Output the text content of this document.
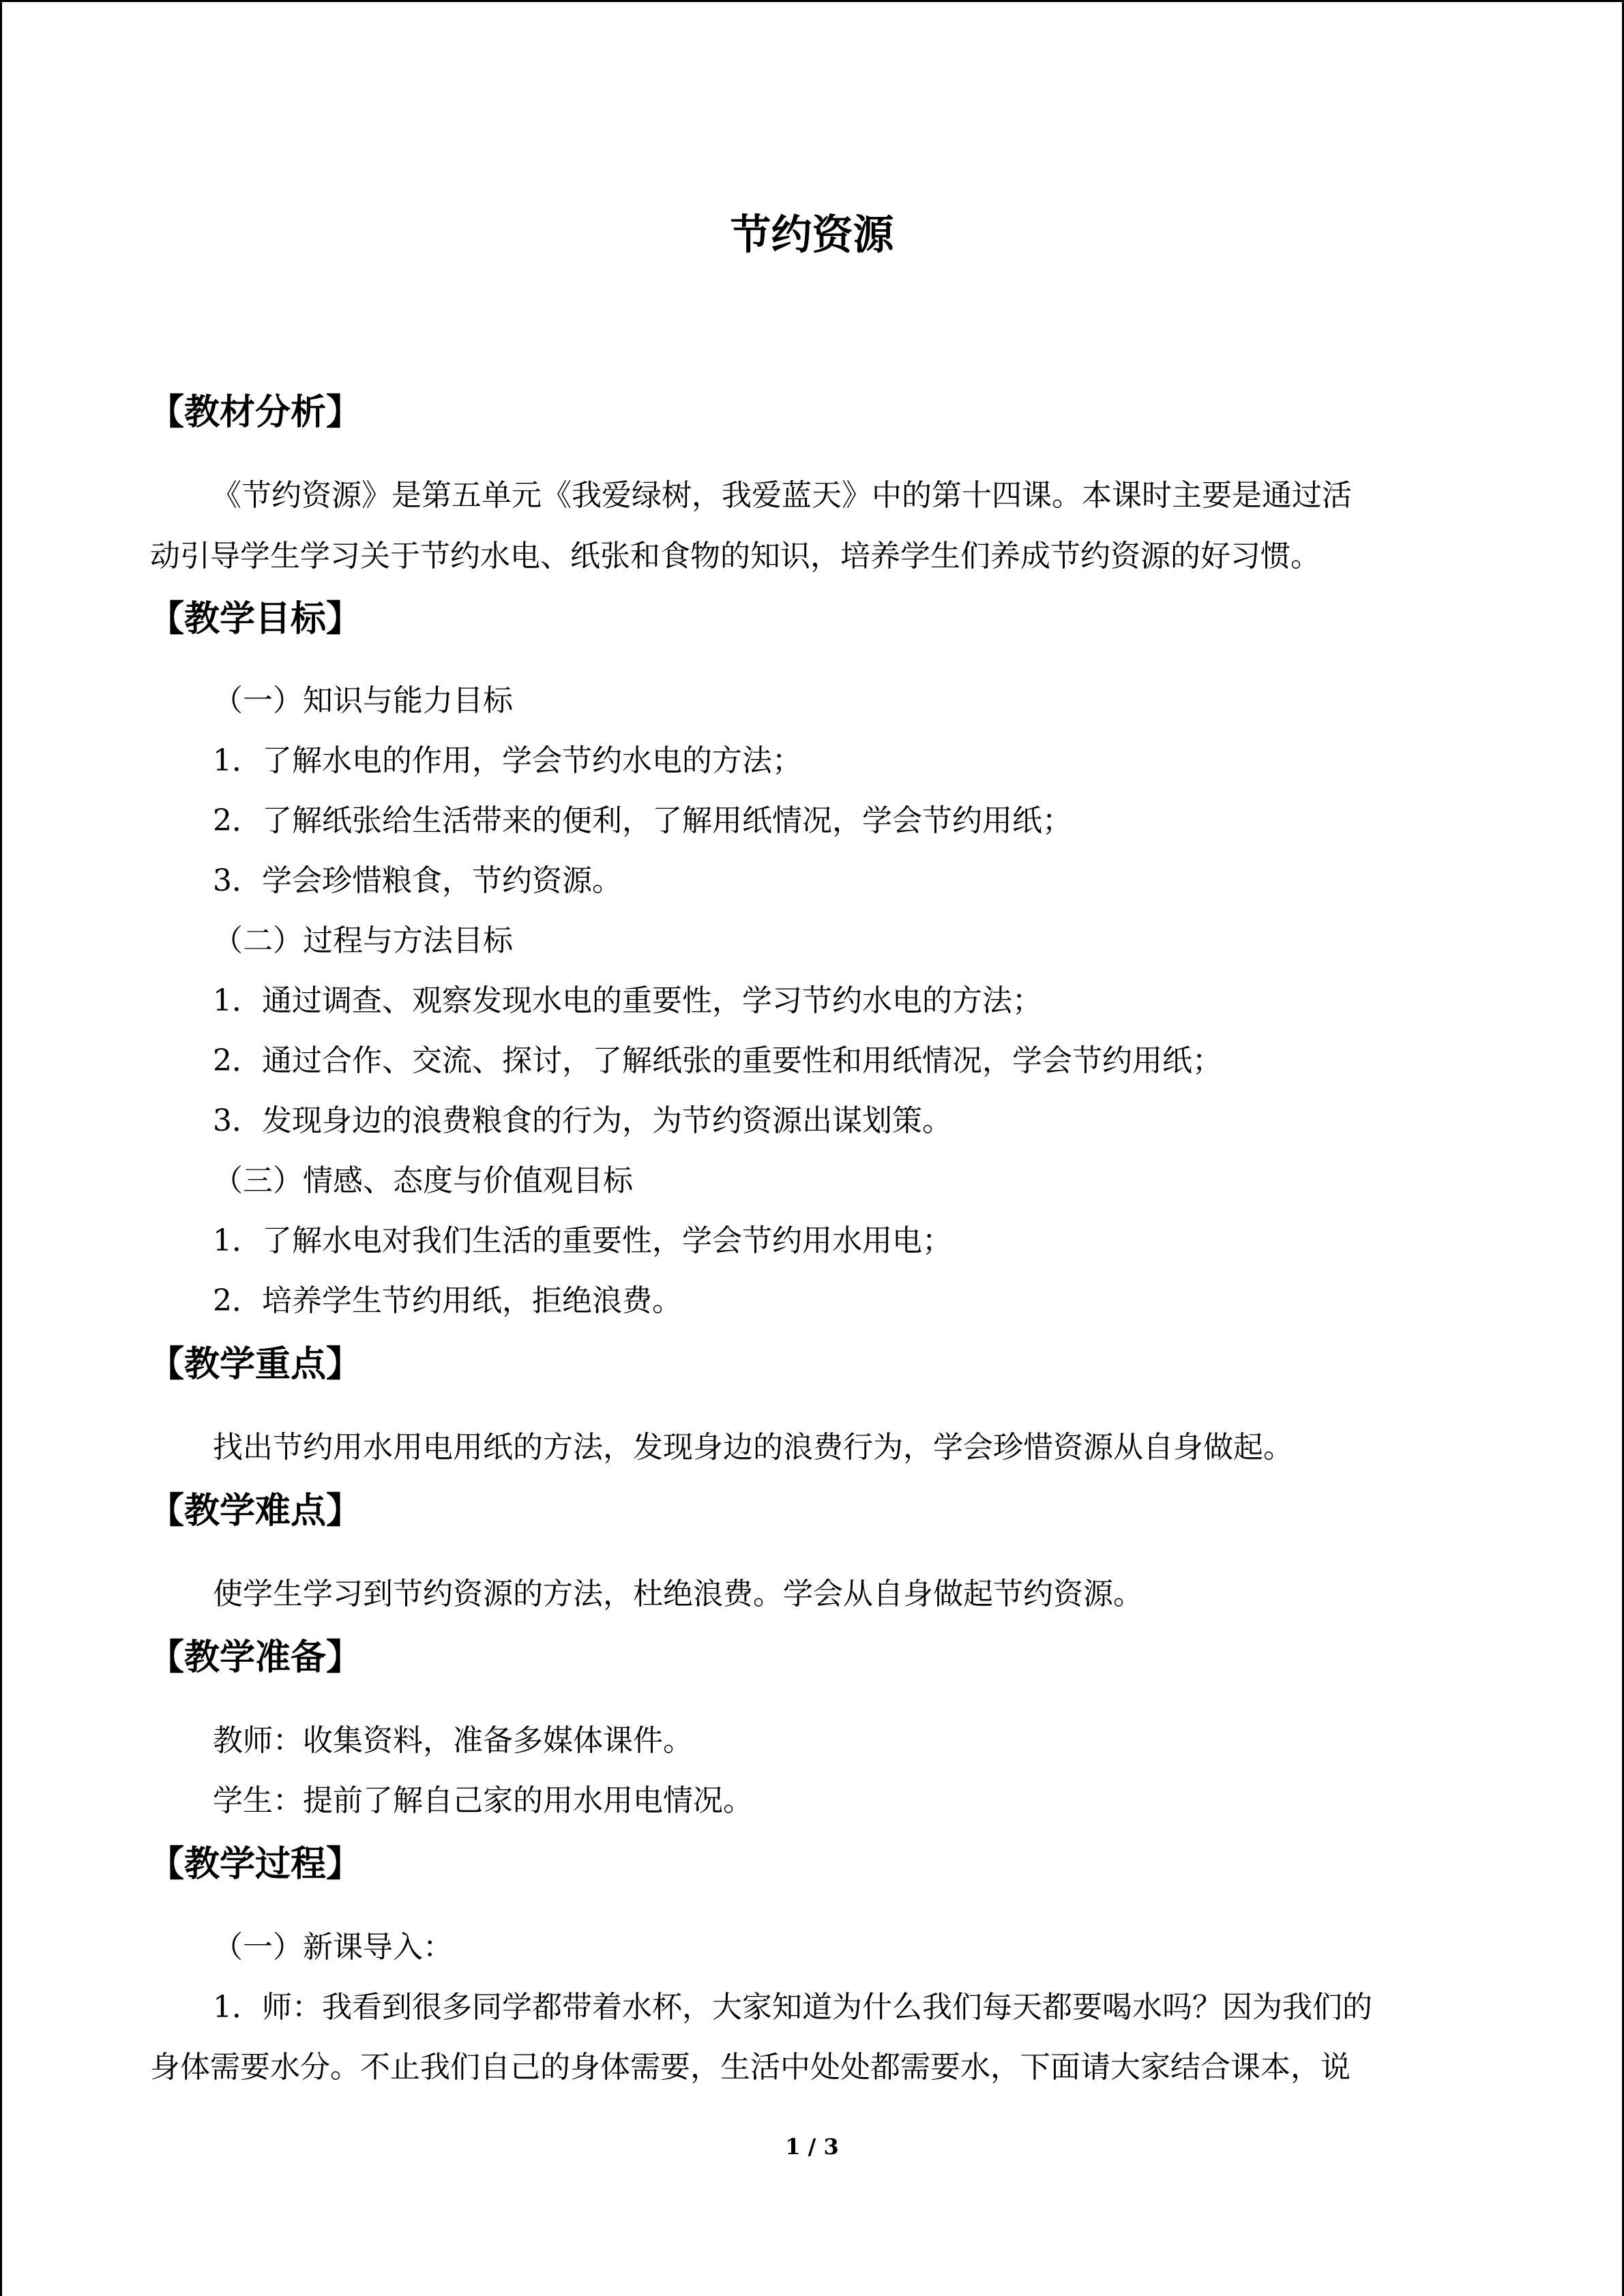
节约资源
【教材分析】
《节约资源》是第五单元《我爱绿树，我爱蓝天》中的第十四课。本课时主要是通过活
动引导学生学习关于节约水电、纸张和食物的知识，培养学生们养成节约资源的好习惯。
【教学目标】
（一）知识与能力目标
1．了解水电的作用，学会节约水电的方法；
2．了解纸张给生活带来的便利，了解用纸情况，学会节约用纸；
3．学会珍惜粮食，节约资源。
（二）过程与方法目标
1．通过调查、观察发现水电的重要性，学习节约水电的方法；
2．通过合作、交流、探讨，了解纸张的重要性和用纸情况，学会节约用纸；
3．发现身边的浪费粮食的行为，为节约资源出谋划策。
（三）情感、态度与价值观目标
1．了解水电对我们生活的重要性，学会节约用水用电；
2．培养学生节约用纸，拒绝浪费。
【教学重点】
找出节约用水用电用纸的方法，发现身边的浪费行为，学会珍惜资源从自身做起。
【教学难点】
使学生学习到节约资源的方法，杜绝浪费。学会从自身做起节约资源。
【教学准备】
教师：收集资料，准备多媒体课件。
学生：提前了解自己家的用水用电情况。
【教学过程】
（一）新课导入：
1．师：我看到很多同学都带着水杯，大家知道为什么我们每天都要喝水吗？因为我们的
身体需要水分。不止我们自己的身体需要，生活中处处都需要水，下面请大家结合课本，说
1 / 3
